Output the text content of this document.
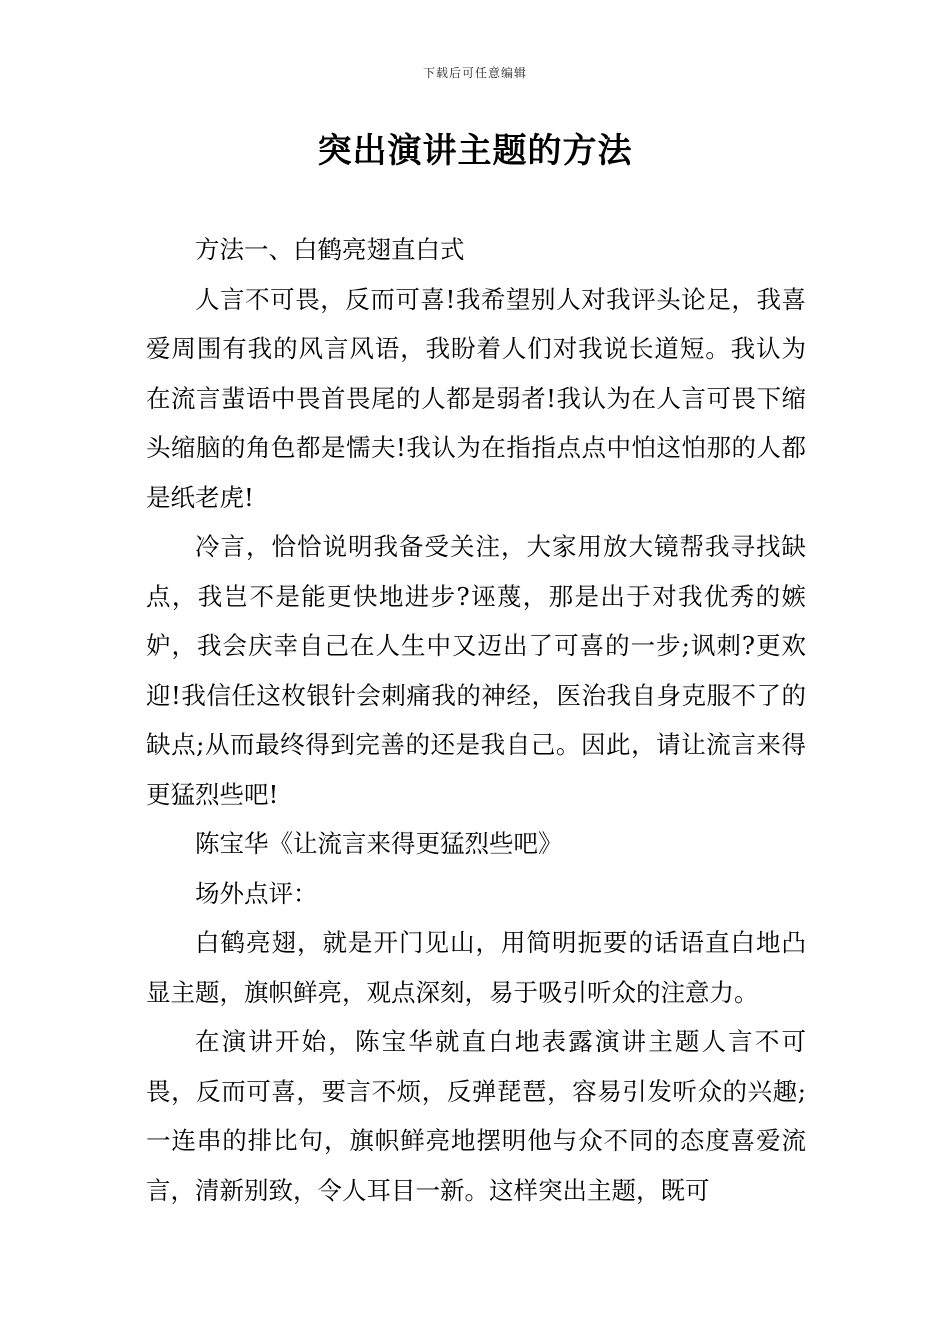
下载后可任意编辑
突出演讲主题的方法

方法一、白鹤亮翅直白式

人言不可畏，反而可喜!我希望别人对我评头论足，我喜爱周围有我的风言风语，我盼着人们对我说长道短。我认为在流言蜚语中畏首畏尾的人都是弱者!我认为在人言可畏下缩头缩脑的角色都是懦夫!我认为在指指点点中怕这怕那的人都是纸老虎!

冷言，恰恰说明我备受关注，大家用放大镜帮我寻找缺点，我岂不是能更快地进步?诬蔑，那是出于对我优秀的嫉妒，我会庆幸自己在人生中又迈出了可喜的一步;讽刺?更欢迎!我信任这枚银针会刺痛我的神经，医治我自身克服不了的缺点;从而最终得到完善的还是我自己。因此，请让流言来得更猛烈些吧!

陈宝华《让流言来得更猛烈些吧》

场外点评：

白鹤亮翅，就是开门见山，用简明扼要的话语直白地凸显主题，旗帜鲜亮，观点深刻，易于吸引听众的注意力。

在演讲开始，陈宝华就直白地表露演讲主题人言不可畏，反而可喜，要言不烦，反弹琵琶，容易引发听众的兴趣;一连串的排比句，旗帜鲜亮地摆明他与众不同的态度喜爱流言，清新别致，令人耳目一新。这样突出主题，既可
